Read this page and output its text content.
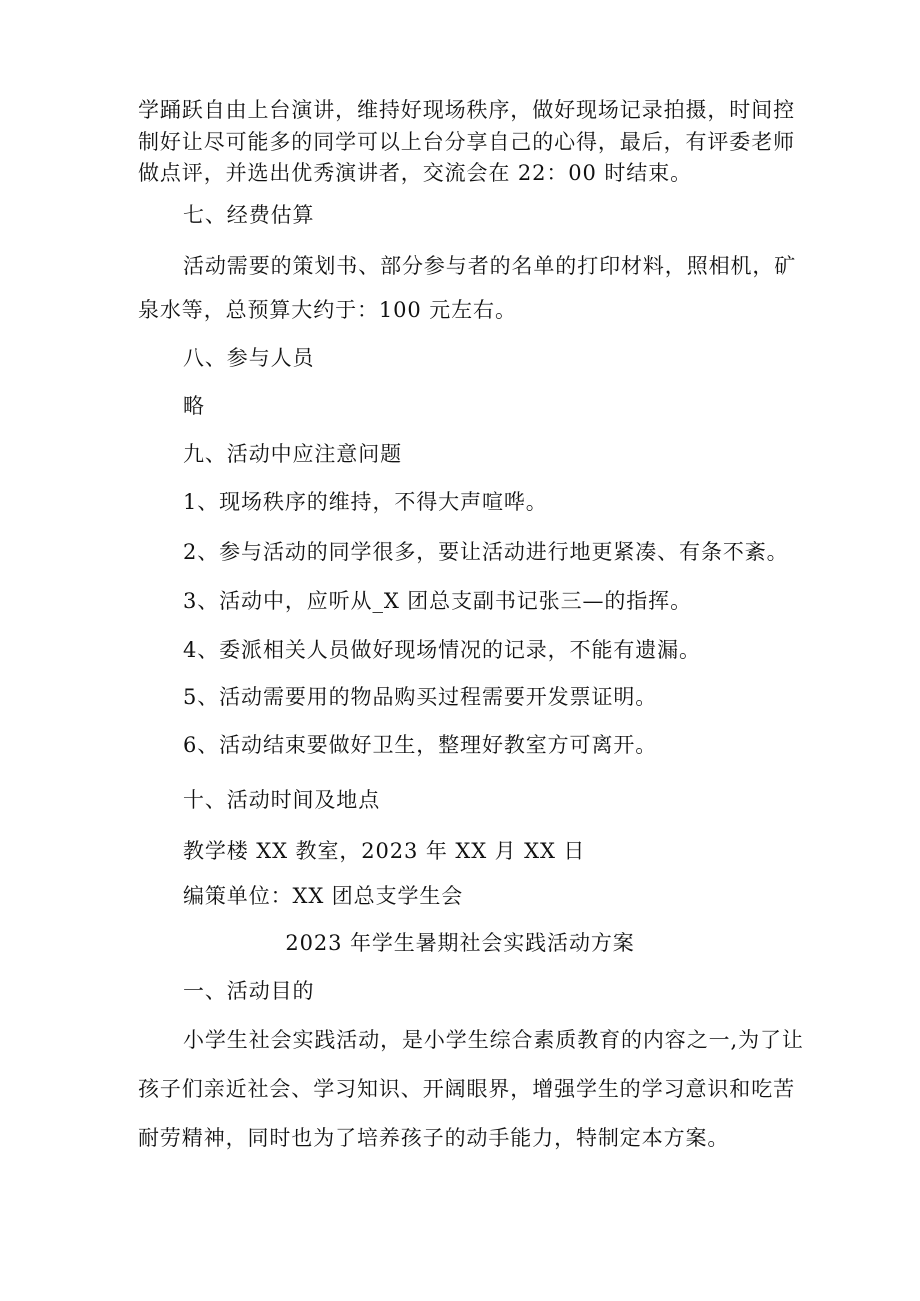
学踊跃自由上台演讲，维持好现场秩序，做好现场记录拍摄，时间控
制好让尽可能多的同学可以上台分享自己的心得，最后，有评委老师
做点评，并选出优秀演讲者，交流会在 22：00 时结束。
七、经费估算
活动需要的策划书、部分参与者的名单的打印材料，照相机，矿
泉水等，总预算大约于：100 元左右。
八、参与人员
略
九、活动中应注意问题
1、现场秩序的维持，不得大声喧哗。
2、参与活动的同学很多，要让活动进行地更紧凑、有条不紊。
3、活动中，应听从_X 团总支副书记张三—的指挥。
4、委派相关人员做好现场情况的记录，不能有遗漏。
5、活动需要用的物品购买过程需要开发票证明。
6、活动结束要做好卫生，整理好教室方可离开。
十、活动时间及地点
教学楼 XX 教室，2023 年 XX 月 XX 日
编策单位：XX 团总支学生会
2023 年学生暑期社会实践活动方案
一、活动目的
小学生社会实践活动，是小学生综合素质教育的内容之一,为了让
孩子们亲近社会、学习知识、开阔眼界，增强学生的学习意识和吃苦
耐劳精神，同时也为了培养孩子的动手能力，特制定本方案。
